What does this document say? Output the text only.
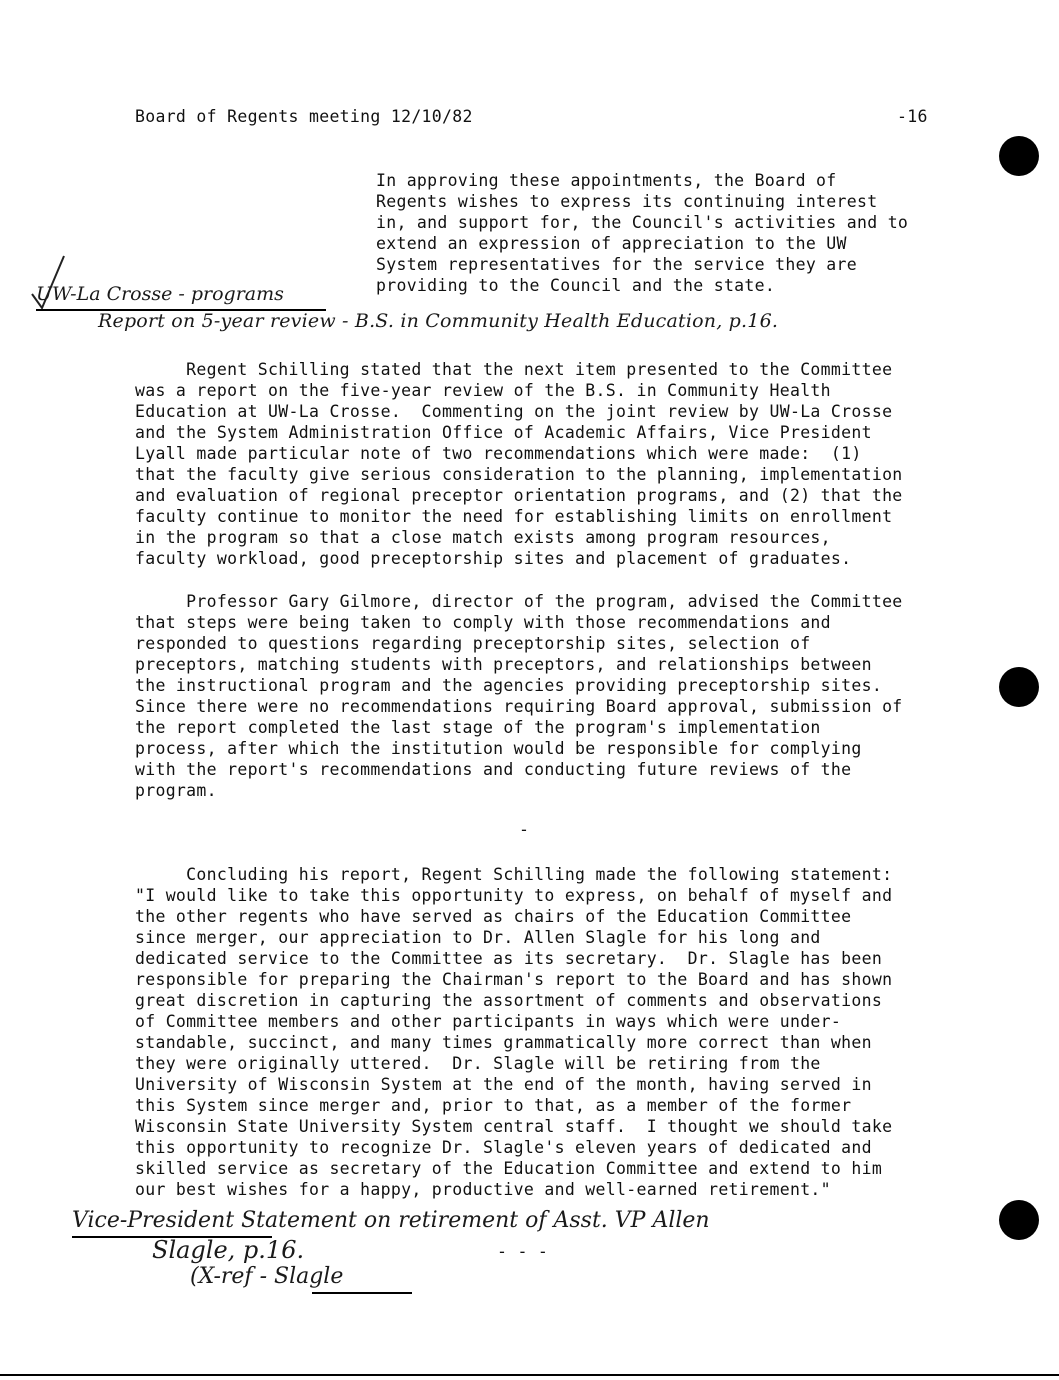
Board of Regents meeting 12/10/82	-16

In approving these appointments, the Board of

Regents wishes to express its continuing interest

in, and support for, the Council's activities and to

extend an expression of appreciation to the UW

System representatives for the service they are

providing to the Council and the state.

UW-La Crosse - programs

Report on 5-year review - B.S. in Community Health Education, p.16.

Regent Schilling stated that the next item presented to the Committee

was a report on the five-year review of the B.S. in Community Health

Education at UW-La Crosse.  Commenting on the joint review by UW-La Crosse

and the System Administration Office of Academic Affairs, Vice President

Lyall made particular note of two recommendations which were made:  (1)

that the faculty give serious consideration to the planning, implementation

and evaluation of regional preceptor orientation programs, and (2) that the

faculty continue to monitor the need for establishing limits on enrollment

in the program so that a close match exists among program resources,

faculty workload, good preceptorship sites and placement of graduates.

Professor Gary Gilmore, director of the program, advised the Committee

that steps were being taken to comply with those recommendations and

responded to questions regarding preceptorship sites, selection of

preceptors, matching students with preceptors, and relationships between

the instructional program and the agencies providing preceptorship sites.

Since there were no recommendations requiring Board approval, submission of

the report completed the last stage of the program's implementation

process, after which the institution would be responsible for complying

with the report's recommendations and conducting future reviews of the

program.

-

Concluding his report, Regent Schilling made the following statement:

"I would like to take this opportunity to express, on behalf of myself and

the other regents who have served as chairs of the Education Committee

since merger, our appreciation to Dr. Allen Slagle for his long and

dedicated service to the Committee as its secretary.  Dr. Slagle has been

responsible for preparing the Chairman's report to the Board and has shown

great discretion in capturing the assortment of comments and observations

of Committee members and other participants in ways which were under-

standable, succinct, and many times grammatically more correct than when

they were originally uttered.  Dr. Slagle will be retiring from the

University of Wisconsin System at the end of the month, having served in

this System since merger and, prior to that, as a member of the former

Wisconsin State University System central staff.  I thought we should take

this opportunity to recognize Dr. Slagle's eleven years of dedicated and

skilled service as secretary of the Education Committee and extend to him

our best wishes for a happy, productive and well-earned retirement."

Vice-President Statement on retirement of Asst. VP Allen

- - -

Slagle, p.16.

(X-ref - Slagle
